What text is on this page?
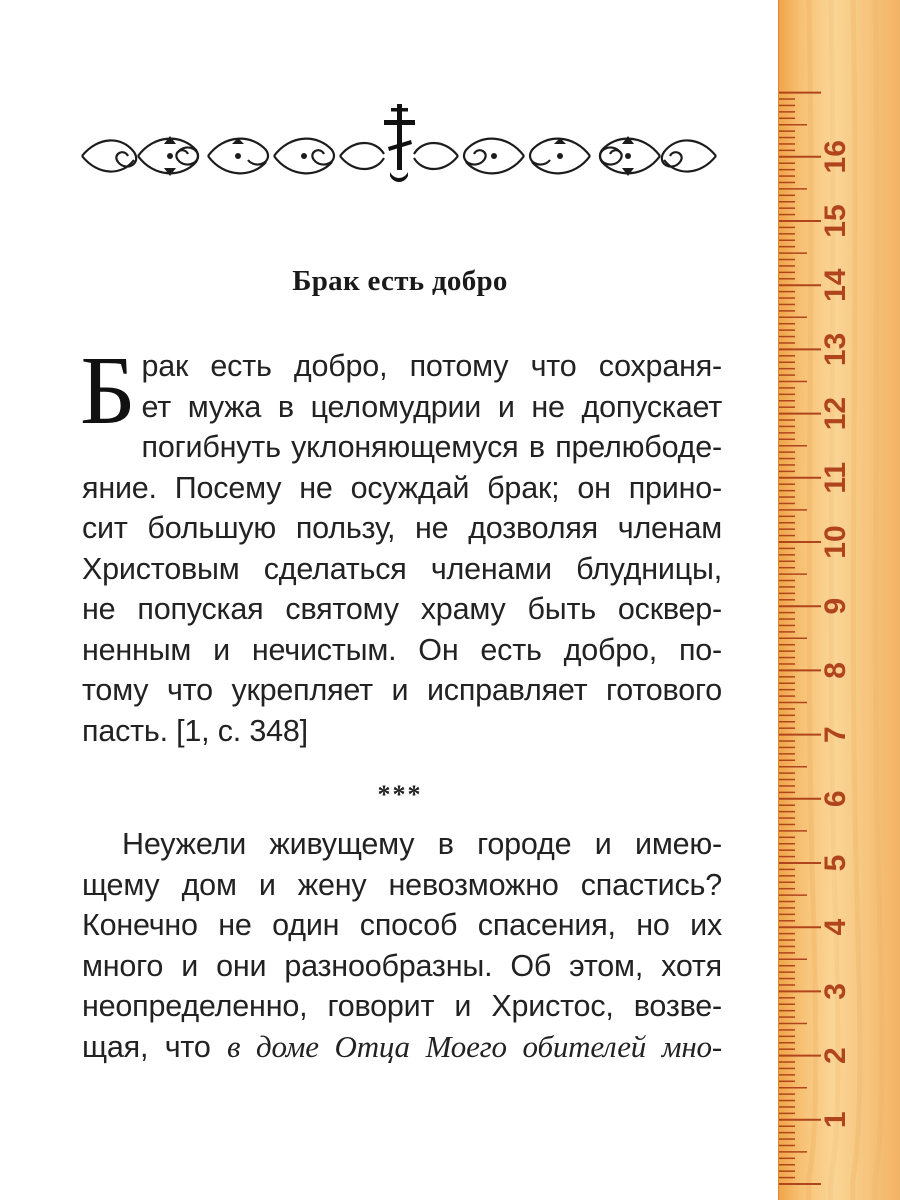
Брак есть добро
Б рак есть добро, потому что сохраня-
ет мужа в целомудрии и не допускает
погибнуть уклоняющемуся в прелюбоде-
яние. Посему не осуждай брак; он прино-
сит большую пользу, не дозволяя членам
Христовым сделаться членами блудницы,
не попуская святому храму быть осквер-
ненным и нечистым. Он есть добро, по-
тому что укрепляет и исправляет готового
пасть. [1, с. 348]
***
Неужели живущему в городе и имею-
щему дом и жену невозможно спастись?
Конечно не один способ спасения, но их
много и они разнообразны. Об этом, хотя
неопределенно, говорит и Христос, возве-
щая, что в доме Отца Моего обителей мно-
1
2
3
4
5
6
7
8
9
10
11
12
13
14
15
16
